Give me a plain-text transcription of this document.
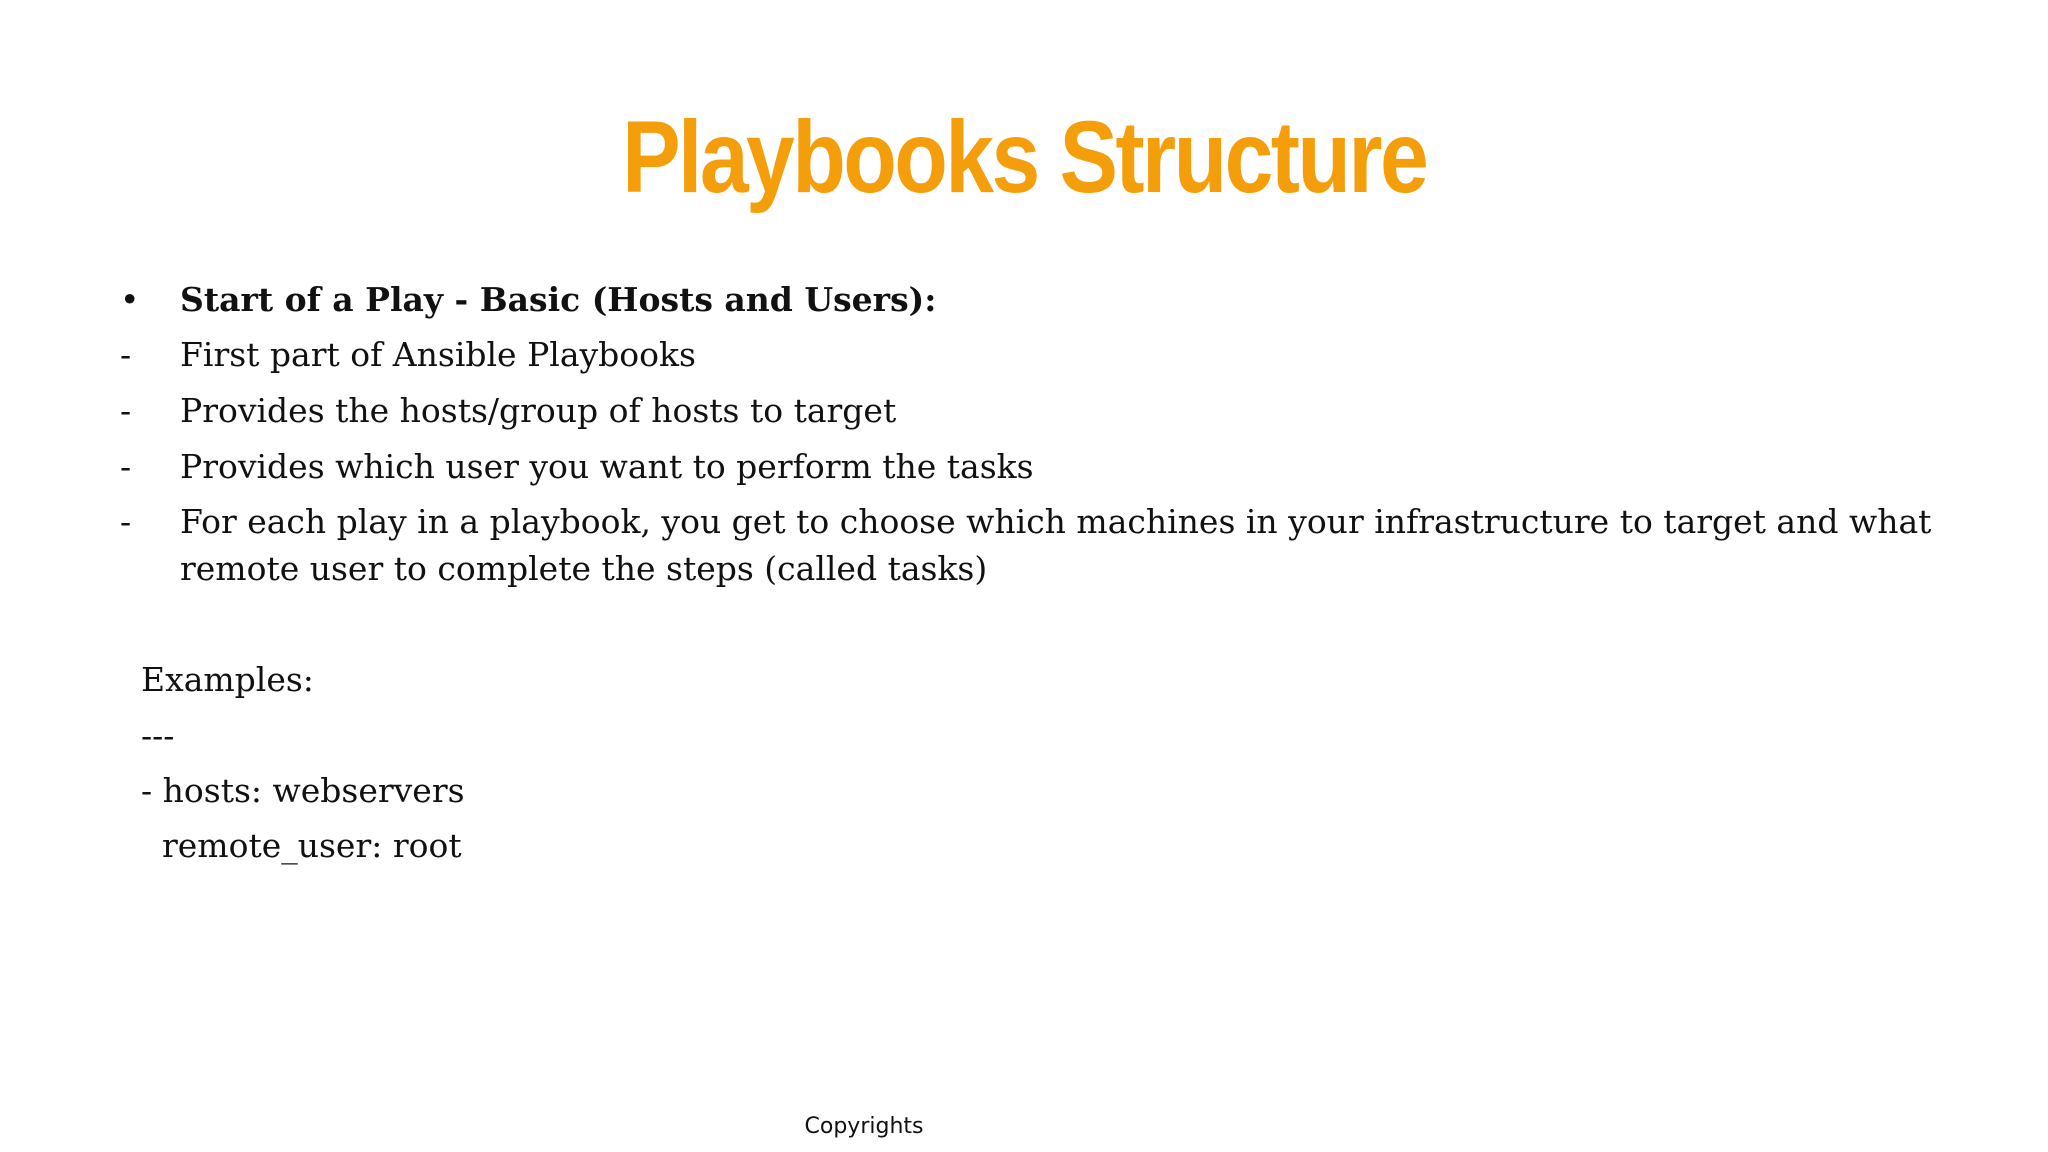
Playbooks Structure
•	Start of a Play - Basic (Hosts and Users):
-	First part of Ansible Playbooks
-	Provides the hosts/group of hosts to target
-	Provides which user you want to perform the tasks
-	For each play in a playbook, you get to choose which machines in your infrastructure to target and what remote user to complete the steps (called tasks)
Examples:
---
- hosts: webservers
remote_user: root
Copyrights
